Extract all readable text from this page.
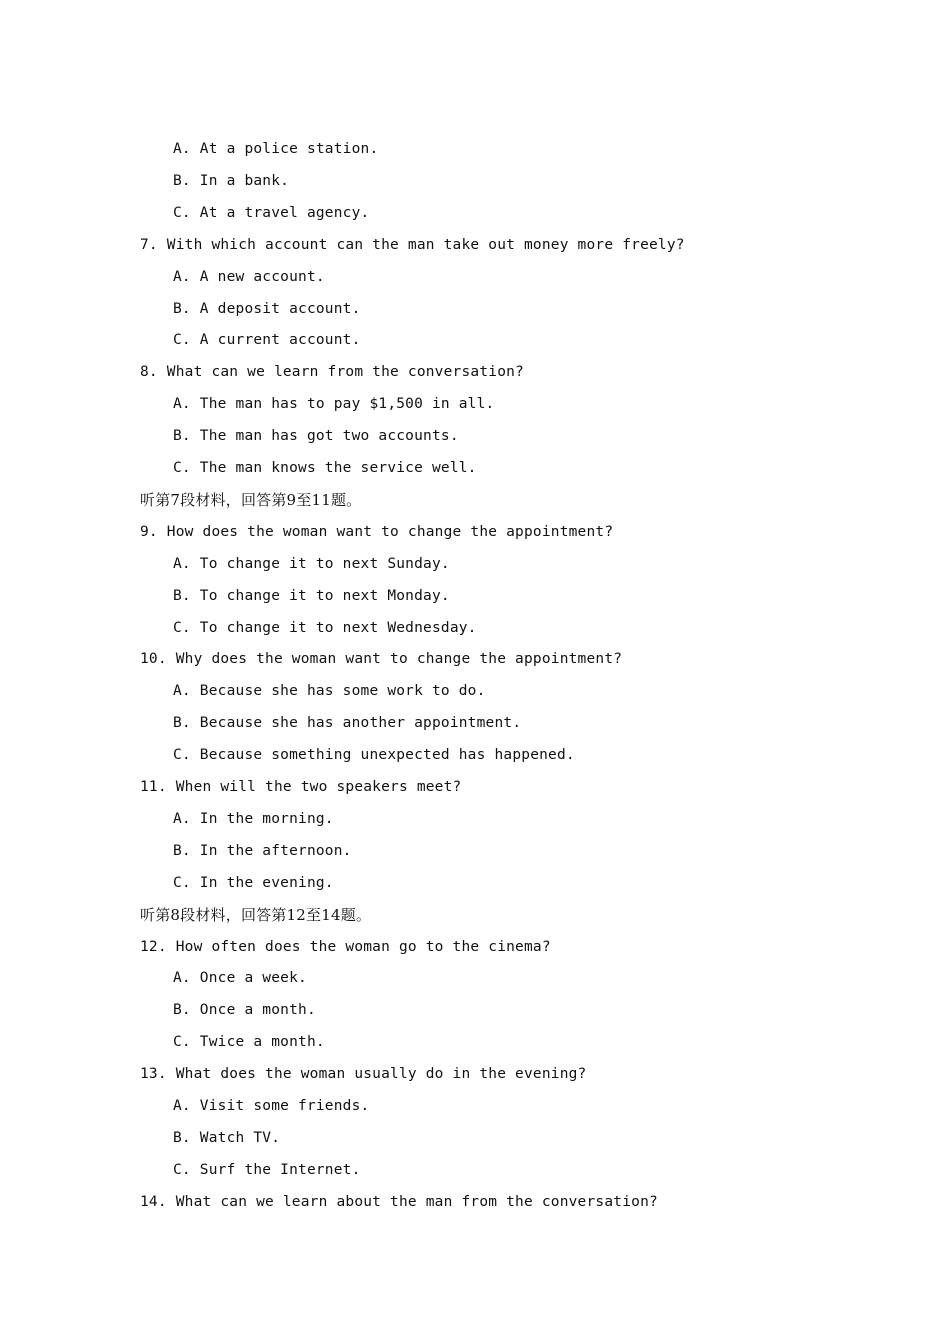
A. At a police station.
B. In a bank.
C. At a travel agency.
7. With which account can the man take out money more freely?
A. A new account.
B. A deposit account.
C. A current account.
8. What can we learn from the conversation?
A. The man has to pay $1,500 in all.
B. The man has got two accounts.
C. The man knows the service well.
听第7段材料，回答第9至11题。
9. How does the woman want to change the appointment?
A. To change it to next Sunday.
B. To change it to next Monday.
C. To change it to next Wednesday.
10. Why does the woman want to change the appointment?
A. Because she has some work to do.
B. Because she has another appointment.
C. Because something unexpected has happened.
11. When will the two speakers meet?
A. In the morning.
B. In the afternoon.
C. In the evening.
听第8段材料，回答第12至14题。
12. How often does the woman go to the cinema?
A. Once a week.
B. Once a month.
C. Twice a month.
13. What does the woman usually do in the evening?
A. Visit some friends.
B. Watch TV.
C. Surf the Internet.
14. What can we learn about the man from the conversation?
